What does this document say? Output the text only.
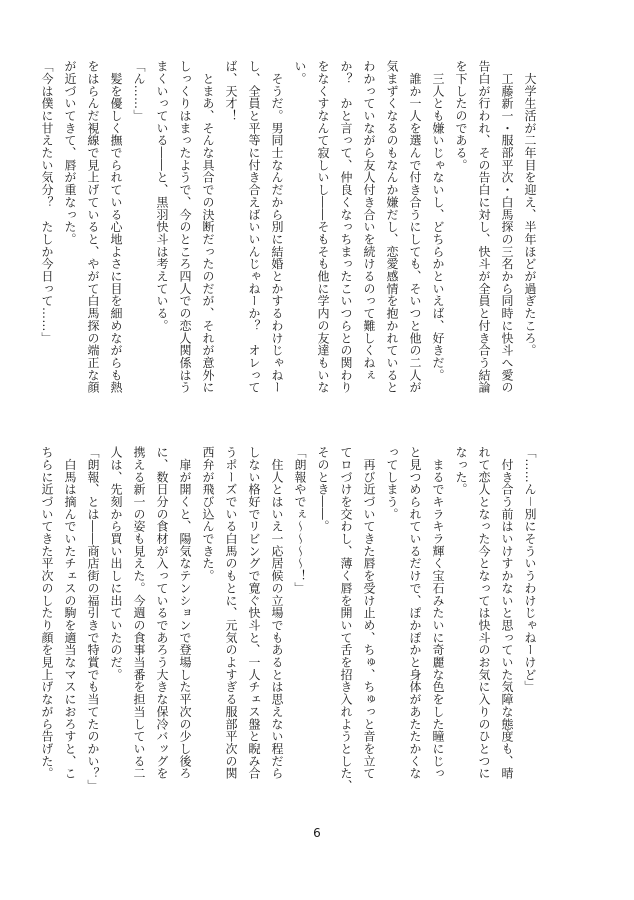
　大学生活が二年目を迎え、半年ほどが過ぎたころ。
　工藤新一・服部平次・白馬探の三名から同時に快斗へ愛の
告白が行われ、その告白に対し、快斗が全員と付き合う結論
を下したのである。
　三人とも嫌いじゃないし、どちらかといえば、好きだ。
　誰か一人を選んで付き合うにしても、そいつと他の二人が
気まずくなるのもなんか嫌だし、恋愛感情を抱かれていると
わかっていながら友人付き合いを続けるのって難しくねぇ
か？　かと言って、仲良くなっちまったこいつらとの関わり
をなくすなんて寂しいし――そもそも他に学内の友達もいな
い。
　そうだ。男同士なんだから別に結婚とかするわけじゃねー
し、全員と平等に付き合えばいいんじゃねーか？　オレって
ば、天才！
　とまあ、そんな具合での決断だったのだが、それが意外に
しっくりはまったようで、今のところ四人での恋人関係はう
まくいっている――と、黒羽快斗は考えている。
「ん……」
　髪を優しく撫でられている心地よさに目を細めながらも熱
をはらんだ視線で見上げていると、やがて白馬探の端正な顔
が近づいてきて、唇が重なった。
「今は僕に甘えたい気分？　たしか今日って……」
「……ん－別にそういうわけじゃねーけど」
　付き合う前はいけすかないと思っていた気障な態度も、晴
れて恋人となった今となっては快斗のお気に入りのひとつに
なった。
　まるでキラキラ輝く宝石みたいに奇麗な色をした瞳にじっ
と見つめられているだけで、ぽかぽかと身体があたたかくな
ってしまう。
　再び近づいてきた唇を受け止め、ちゅ、ちゅっと音を立て
てロづけを交わし、薄く唇を開いて舌を招き入れようとした、
そのとき――。
「朗報やでぇ～～～～！」
　住人とはいえ一応居候の立場でもあるとは思えない程だら
しない格好でリビングで寛ぐ快斗と、一人チェス盤と睨み合
うポーズでいる白馬のもとに、元気のよすぎる服部平次の関
西弁が飛び込んできた。
　扉が開くと、陽気なテンションで登場した平次の少し後ろ
に、数日分の食材が入っているであろう大きな保冷バッグを
携える新一の姿も見えた。今週の食事当番を担当している二
人は、先刻から買い出しに出ていたのだ。
「朗報、とは――商店街の福引きで特賞でも当てたのかい？」
　白馬は摘んでいたチェスの駒を適当なマスにおろすと、こ
ちらに近づいてきた平次のしたり顔を見上げながら告げた。
6
